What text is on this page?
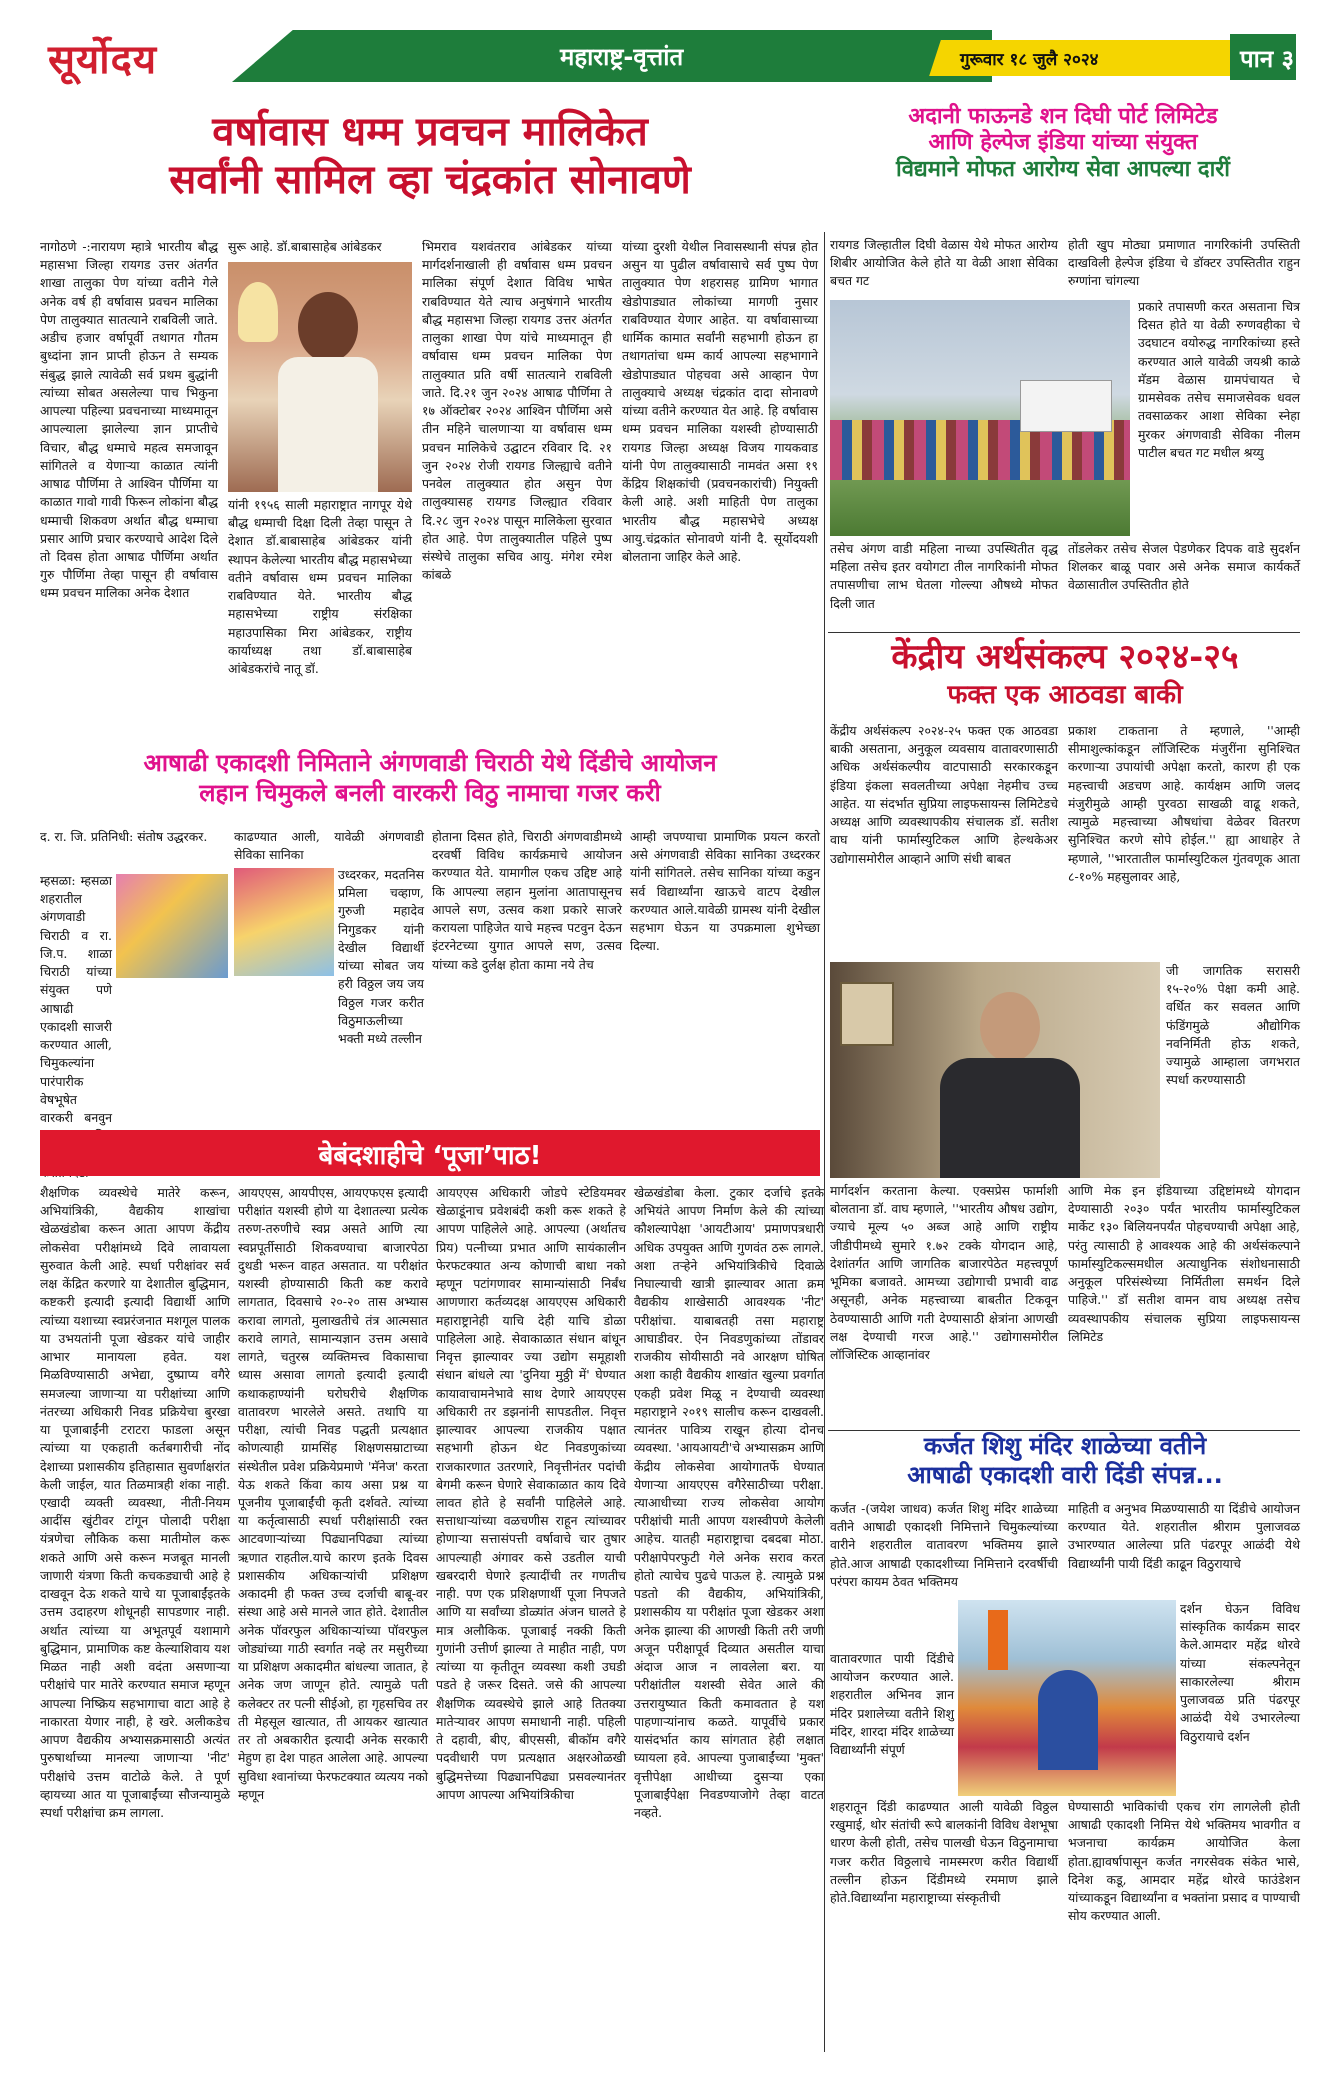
सूर्योदय	महाराष्ट्र-वृत्तांत	गुरूवार १८ जुलै २०२४	पान ३
वर्षावास धम्म प्रवचन मालिकेत
सर्वांनी सामिल व्हा चंद्रकांत सोनावणे
नागोठणे -:नारायण म्हात्रे भारतीय बौद्ध महासभा जिल्हा रायगड उत्तर अंतर्गत शाखा तालुका पेण यांच्या वतीने गेले अनेक वर्ष ही वर्षावास प्रवचन मालिका पेण तालुक्यात सातत्याने राबविली जाते. अडीच हजार वर्षापूर्वी तथागत गौतम बुध्दांना ज्ञान प्राप्ती होऊन ते सम्यक संबुद्ध झाले त्यावेळी सर्व प्रथम बुद्धांनी त्यांच्या सोबत असलेल्या पाच भिकुना आपल्या पहिल्या प्रवचनाच्या माध्यमातून आपल्याला झालेल्या ज्ञान प्राप्तीचे विचार, बौद्ध धम्माचे महत्व समजावून सांगितले व येणाऱ्या काळात त्यांनी आषाढ पौर्णिमा ते आश्विन पौर्णिमा या काळात गावो गावी फिरून लोकांना बौद्ध धम्माची शिकवण अर्थात बौद्ध धम्माचा प्रसार आणि प्रचार करण्याचे आदेश दिले तो दिवस होता आषाढ पौर्णिमा अर्थात गुरु पौर्णिमा तेव्हा पासून ही वर्षावास धम्म प्रवचन मालिका अनेक देशात
सुरू आहे. डॉ.बाबासाहेब आंबेडकर
यांनी १९५६ साली महाराष्ट्रात नागपूर येथे बौद्ध धम्माची दिक्षा दिली तेव्हा पासून ते देशात डॉ.बाबासाहेब आंबेडकर यांनी स्थापन केलेल्या भारतीय बौद्ध महासभेच्या वतीने वर्षावास धम्म प्रवचन मालिका राबविण्यात येते. भारतीय बौद्ध महासभेच्या राष्ट्रीय संरक्षिका महाउपासिका मिरा आंबेडकर, राष्ट्रीय कार्याध्यक्ष तथा डॉ.बाबासाहेब आंबेडकरांचे नातू डॉ.
भिमराव यशवंतराव आंबेडकर यांच्या मार्गदर्शनाखाली ही वर्षावास धम्म प्रवचन मालिका संपूर्ण देशात विविध भाषेत राबविण्यात येते त्याच अनुषंगाने भारतीय बौद्ध महासभा जिल्हा रायगड उत्तर अंतर्गत तालुका शाखा पेण यांचे माध्यमातून ही वर्षावास धम्म प्रवचन मालिका पेण तालुक्यात प्रति वर्षी सातत्याने राबविली जाते. दि.२१ जुन २०२४ आषाढ पौर्णिमा ते १७ ऑक्टोबर २०२४ आश्विन पौर्णिमा असे तीन महिने चालणाऱ्या या वर्षावास धम्म प्रवचन मालिकेचे उद्घाटन रविवार दि. २१ जुन २०२४ रोजी रायगड जिल्ह्याचे वतीने पनवेल तालुक्यात होत असुन पेण तालुक्यासह रायगड जिल्ह्यात रविवार दि.२८ जुन २०२४ पासून मालिकेला सुरवात होत आहे. पेण तालुक्यातील पहिले पुष्प संस्थेचे तालुका सचिव आयु. मंगेश रमेश कांबळे
यांच्या दुरशी येथील निवासस्थानी संपन्न होत असुन या पुढील वर्षावासाचे सर्व पुष्प पेण तालुक्यात पेण शहरासह ग्रामिण भागात खेडोपाड्यात लोकांच्या मागणी नुसार राबविण्यात येणार आहेत. या वर्षावासाच्या धार्मिक कामात सर्वांनी सहभागी होऊन हा तथागतांचा धम्म कार्य आपल्या सहभागाने खेडोपाड्यात पोहचवा असे आव्हान पेण तालुक्याचे अध्यक्ष चंद्रकांत दादा सोनावणे यांच्या वतीने करण्यात येत आहे. हि वर्षावास धम्म प्रवचन मालिका यशस्वी होण्यासाठी रायगड जिल्हा अध्यक्ष विजय गायकवाड यांनी पेण तालुक्यासाठी नामवंत असा १९ केंद्रिय शिक्षकांची (प्रवचनकारांची) नियुक्ती केली आहे. अशी माहिती पेण तालुका भारतीय बौद्ध महासभेचे अध्यक्ष आयु.चंद्रकांत सोनावणे यांनी दै. सूर्योदयशी बोलताना जाहिर केले आहे.
अदानी फाऊनडे शन दिघी पोर्ट लिमिटेड
आणि हेल्पेज इंडिया यांच्या संयुक्त
विद्यमाने मोफत आरोग्य सेवा आपल्या दारीं
रायगड जिल्हातील दिघी वेळास येथे मोफत आरोग्य शिबीर आयोजित केले होते या वेळी आशा सेविका बचत गट
होती खुप मोठ्या प्रमाणात नागरिकांनी उपस्तिती दाखविली हेल्पेज इंडिया चे डॉक्टर उपस्तितीत राहुन रुग्णांना चांगल्या
प्रकारे तपासणी करत असताना चित्र दिसत होते या वेळी रुग्णवहीका चे उदघाटन वयोरुद्ध नागरिकांच्या हस्ते करण्यात आले यावेळी जयश्री काळे मॅडम वेळास ग्रामपंचायत चे ग्रामसेवक तसेच समाजसेवक धवल तवसाळकर आशा सेविका स्नेहा मुरकर अंगणवाडी सेविका नीलम पाटील बचत गट मधील श्रय्यु
तसेच अंगण वाडी महिला नाच्या उपस्थितीत वृद्ध महिला तसेच इतर वयोगटा तील नागरिकांनी मोफत तपासणीचा लाभ घेतला गोल्ल्या औषध्ये मोफत दिली जात
तोंडलेकर तसेच सेजल पेडणेकर दिपक वाडे सुदर्शन शिलकर बाळू पवार असे अनेक समाज कार्यकर्ते वेळासातील उपस्तितीत होते
केंद्रीय अर्थसंकल्प २०२४-२५
फक्त एक आठवडा बाकी
केंद्रीय अर्थसंकल्प २०२४-२५ फक्त एक आठवडा बाकी असताना, अनुकूल व्यवसाय वातावरणासाठी अधिक अर्थसंकल्पीय वाटपासाठी सरकारकडून इंडिया इंकला सवलतीच्या अपेक्षा नेहमीच उच्च आहेत. या संदर्भात सुप्रिया लाइफसायन्स लिमिटेडचे अध्यक्ष आणि व्यवस्थापकीय संचालक डॉ. सतीश वाघ यांनी फार्मास्युटिकल आणि हेल्थकेअर उद्योगासमोरील आव्हाने आणि संधी बाबत
प्रकाश टाकताना ते म्हणाले, ''आम्ही सीमाशुल्कांकडून लॉजिस्टिक मंजुरींना सुनिश्चित करणाऱ्या उपायांची अपेक्षा करतो, कारण ही एक महत्त्वाची अडचण आहे. कार्यक्षम आणि जलद मंजुरीमुळे आम्ही पुरवठा साखळी वाढू शकते, त्यामुळे महत्त्वाच्या औषधांचा वेळेवर वितरण सुनिश्चित करणे सोपे होईल.'' ह्या आधाहेर ते म्हणाले, ''भारतातील फार्मास्युटिकल गुंतवणूक आता ८-१०% महसुलावर आहे,
जी जागतिक सरासरी १५-२०% पेक्षा कमी आहे. वर्धित कर सवलत आणि फंडिंगमुळे औद्योगिक नवनिर्मिती होऊ शकते, ज्यामुळे आम्हाला जगभरात स्पर्धा करण्यासाठी
मार्गदर्शन करताना केल्या. एक्सप्रेस फार्माशी बोलताना डॉ. वाघ म्हणाले, ''भारतीय औषध उद्योग, ज्याचे मूल्य ५० अब्ज आहे आणि राष्ट्रीय जीडीपीमध्ये सुमारे १.७२ टक्के योगदान आहे, देशांतर्गत आणि जागतिक बाजारपेठेत महत्त्वपूर्ण भूमिका बजावते. आमच्या उद्योगाची प्रभावी वाढ असूनही, अनेक महत्त्वाच्या बाबतीत टिकवून ठेवण्यासाठी आणि गती देण्यासाठी क्षेत्रांना आणखी लक्ष देण्याची गरज आहे.'' उद्योगासमोरील लॉजिस्टिक आव्हानांवर
आणि मेक इन इंडियाच्या उद्दिष्टांमध्ये योगदान देण्यासाठी २०३० पर्यंत भारतीय फार्मास्युटिकल मार्केट १३० बिलियनपर्यंत पोहचण्याची अपेक्षा आहे, परंतु त्यासाठी हे आवश्यक आहे की अर्थसंकल्पाने फार्मास्युटिकल्समधील अत्याधुनिक संशोधनासाठी अनुकूल परिसंस्थेच्या निर्मितीला समर्थन दिले पाहिजे.'' डॉ सतीश वामन वाघ अध्यक्ष तसेच व्यवस्थापकीय संचालक सुप्रिया लाइफसायन्स लिमिटेड
आषाढी एकादशी निमिताने अंगणवाडी चिराठी येथे दिंडीचे आयोजन
लहान चिमुकले बनली वारकरी विठु नामाचा गजर करी
द. रा. जि. प्रतिनिधी: संतोष उद्धरकर.
म्हसळा: म्हसळा शहरातील अंगणवाडी चिराठी व रा. जि.प. शाळा चिराठी यांच्या संयुक्त पणे आषाढी एकादशी साजरी करण्यात आली, चिमुकल्यांना पारंपारीक वेषभूषेत वारकरी बनवुन
काढण्यात आली, यावेळी अंगणवाडी सेविका सानिका
उध्दरकर, मदतनिस प्रमिला चव्हाण, गुरुजी महादेव निगुडकर यांनी देखील विद्यार्थी यांच्या सोबत जय हरी विठ्ठल जय जय विठ्ठल गजर करीत विठुमाऊलीच्या भक्ती मध्ये तल्लीन
होताना दिसत होते, चिराठी अंगणवाडीमध्ये दरवर्षी विविध कार्यक्रमाचे आयोजन करण्यात येते. यामागील एकच उद्दिष्ट आहे कि आपल्या लहान मुलांना आतापासूनच आपले सण, उत्सव कशा प्रकारे साजरे करायला पाहिजेत याचे महत्त्व पटवुन देऊन इंटरनेटच्या युगात आपले सण, उत्सव यांच्या कडे दुर्लक्ष होता कामा नये तेच
आम्ही जपण्याचा प्रामाणिक प्रयत्न करतो असे अंगणवाडी सेविका सानिका उध्दरकर यांनी सांगितले. तसेच सानिका यांच्या कडुन सर्व विद्यार्थ्यांना खाऊचे वाटप देखील करण्यात आले.यावेळी ग्रामस्थ यांनी देखील सहभाग घेऊन या उपक्रमाला शुभेच्छा दिल्या.
बेबंदशाहीचे ‘पूजा’पाठ!
शैक्षणिक व्यवस्थेचे मातेरे करून, अभियांत्रिकी, वैद्यकीय शाखांचा खेळखंडोबा करून आता आपण केंद्रीय लोकसेवा परीक्षांमध्ये दिवे लावायला सुरुवात केली आहे. स्पर्धा परीक्षांवर सर्व लक्ष केंद्रित करणारे या देशातील बुद्धिमान, कष्टकरी इत्यादी इत्यादी विद्यार्थी आणि त्यांच्या यशाच्या स्वप्नरंजनात मशगूल पालक या उभयतांनी पूजा खेडकर यांचे जाहीर आभार मानायला हवेत. यश मिळविण्यासाठी अभेद्या, दुष्प्राप्य वगैरे समजल्या जाणाऱ्या या परीक्षांच्या आणि नंतरच्या अधिकारी निवड प्रक्रियेचा बुरखा या पूजाबाईंनी टराटरा फाडला असून त्यांच्या या एकहाती कर्तबगारीची नोंद देशाच्या प्रशासकीय इतिहासात सुवर्णाक्षरांत केली जाईल, यात तिळमात्रही शंका नाही. एखादी व्यक्ती व्यवस्था, नीती-नियम आदींस खुंटीवर टांगून पोलादी परीक्षा यंत्रणेचा लौकिक कसा मातीमोल करू शकते आणि असे करून मजबूत मानली जाणारी यंत्रणा किती कचकड्याची आहे हे दाखवून देऊ शकते याचे या पूजाबाईंइतके उत्तम उदाहरण शोधूनही सापडणार नाही. अर्थात त्यांच्या या अभूतपूर्व यशामागे बुद्धिमान, प्रामाणिक कष्ट केल्याशिवाय यश मिळत नाही अशी वदंता असणाऱ्या परीक्षांचे पार मातेरे करण्यात समाज म्हणून आपल्या निष्क्रिय सहभागाचा वाटा आहे हे नाकारता येणार नाही, हे खरे. अलीकडेच आपण वैद्यकीय अभ्यासक्रमासाठी अत्यंत पुरुषार्थाच्या मानल्या जाणाऱ्या 'नीट' परीक्षांचे उत्तम वाटोळे केले. ते पूर्ण व्हायच्या आत या पूजाबाईंच्या सौजन्यामुळे स्पर्धा परीक्षांचा क्रम लागला.
आयएएस, आयपीएस, आयएफएस इत्यादी परीक्षांत यशस्वी होणे या देशातल्या प्रत्येक तरुण-तरुणीचे स्वप्न असते आणि त्या स्वप्नपूर्तीसाठी शिकवण्याचा बाजारपेठा दुथडी भरून वाहत असतात. या परीक्षांत यशस्वी होण्यासाठी किती कष्ट करावे लागतात, दिवसाचे २०-२० तास अभ्यास करावा लागतो, मुलाखतीचे तंत्र आत्मसात करावे लागते, सामान्यज्ञान उत्तम असावे लागते, चतुरस्र व्यक्तिमत्त्व विकासाचा ध्यास असावा लागतो इत्यादी इत्यादी कथाकहाण्यांनी घरोघरीचे शैक्षणिक वातावरण भारलेले असते. तथापि या परीक्षा, त्यांची निवड पद्धती प्रत्यक्षात कोणत्याही ग्रामसिंह शिक्षणसम्राटाच्या संस्थेतील प्रवेश प्रक्रियेप्रमाणे 'मॅनेज' करता येऊ शकते किंवा काय असा प्रश्न या पूजनीय पूजाबाईंची कृती दर्शवते. त्यांच्या या कर्तृत्वासाठी स्पर्धा परीक्षांसाठी रक्त आटवणाऱ्यांच्या पिढ्यानपिढ्या त्यांच्या ऋणात राहतील.याचे कारण इतके दिवस प्रशासकीय अधिकाऱ्यांची प्रशिक्षण अकादमी ही फक्त उच्च दर्जाची बाबू-वर संस्था आहे असे मानले जात होते. देशातील अनेक पॉवरफुल अधिकाऱ्यांच्या पॉवरफुल जोड्यांच्या गाठी स्वर्गात नव्हे तर मसुरीच्या या प्रशिक्षण अकादमीत बांधल्या जातात, हे अनेक जण जाणून होते. त्यामुळे पती कलेक्टर तर पत्नी सीईओ, हा गृहसचिव तर ती मेहसूल खात्यात, ती आयकर खात्यात तर तो अबकारीत इत्यादी अनेक सरकारी मेहुण हा देश पाहत आलेला आहे. आपल्या सुविधा श्वानांच्या फेरफटक्यात व्यत्यय नको म्हणून
आयएएस अधिकारी जोडपे स्टेडियमवर खेळाडूंनाच प्रवेशबंदी कशी करू शकते हे आपण पाहिलेले आहे. आपल्या (अर्थातच प्रिय) पत्नीच्या प्रभात आणि सायंकालीन फेरफटक्यात अन्य कोणाची बाधा नको म्हणून पटांगणावर सामान्यांसाठी निर्बंध आणणारा कर्तव्यदक्ष आयएएस अधिकारी महाराष्ट्रानेही याचि देही याचि डोळा पाहिलेला आहे. सेवाकाळात संधान बांधून निवृत्त झाल्यावर ज्या उद्योग समूहाशी संधान बांधले त्या 'दुनिया मुठ्ठी में' घेण्यात कायावाचामनेभावे साथ देणारे आयएएस अधिकारी तर डझनांनी सापडतील. निवृत्त झाल्यावर आपल्या राजकीय पक्षात सहभागी होऊन थेट निवडणुकांच्या राजकारणात उतरणारे, निवृत्तीनंतर पदांची बेगमी करून घेणारे सेवाकाळात काय दिवे लावत होते हे सर्वांनी पाहिलेले आहे. सत्ताधाऱ्यांच्या वळचणीस राहून त्यांच्यावर होणाऱ्या सत्तासंपत्ती वर्षावाचे चार तुषार आपल्याही अंगावर कसे उडतील याची खबरदारी घेणारे इत्यादींची तर गणतीच नाही. पण एक प्रशिक्षणार्थी पूजा निपजते आणि या सर्वांच्या डोळ्यांत अंजन घालते हे मात्र अलौकिक. पूजाबाई नक्की किती गुणांनी उत्तीर्ण झाल्या ते माहीत नाही, पण त्यांच्या या कृतीतून व्यवस्था कशी उघडी पडते हे जरूर दिसते. जसे की आपल्या शैक्षणिक व्यवस्थेचे झाले आहे तितक्या मातेऱ्यावर आपण समाधानी नाही. पहिली ते दहावी, बीए, बीएससी, बीकॉम वगैरे पदवीधारी पण प्रत्यक्षात अक्षरओळखी बुद्धिमत्तेच्या पिढ्यानपिढ्या प्रसवल्यानंतर आपण आपल्या अभियांत्रिकीचा
खेळखंडोबा केला. टुकार दर्जाचे इतके अभियंते आपण निर्माण केले की त्यांच्या कौशल्यापेक्षा 'आयटीआय' प्रमाणपत्रधारी अधिक उपयुक्त आणि गुणवंत ठरू लागले. अशा तऱ्हेने अभियांत्रिकीचे दिवाळे निघाल्याची खात्री झाल्यावर आता क्रम वैद्यकीय शाखेसाठी आवश्यक 'नीट' परीक्षांचा. याबाबतही तसा महाराष्ट्र आघाडीवर. ऐन निवडणुकांच्या तोंडावर राजकीय सोयीसाठी नवे आरक्षण घोषित अशा काही वैद्यकीय शाखांत खुल्या प्रवर्गात एकही प्रवेश मिळू न देण्याची व्यवस्था महाराष्ट्राने २०१९ सालीच करून दाखवली. त्यानंतर पावित्र्य राखून होत्या दोनच व्यवस्था. 'आयआयटी'चे अभ्यासक्रम आणि केंद्रीय लोकसेवा आयोगातर्फे घेण्यात येणाऱ्या आयएएस वगैरेसाठीच्या परीक्षा. त्याआधीच्या राज्य लोकसेवा आयोग परीक्षांची माती आपण यशस्वीपणे केलेली आहेच. यातही महाराष्ट्राचा दबदबा मोठा. परीक्षापेपरफुटी गेले अनेक सराव करत होतो त्याचेच पुढचे पाऊल हे. त्यामुळे प्रश्न पडतो की वैद्यकीय, अभियांत्रिकी, प्रशासकीय या परीक्षांत पूजा खेडकर अशा अनेक झाल्या की आणखी किती तरी जणी अजून परीक्षापूर्व दिव्यात असतील याचा अंदाज आज न लावलेला बरा. या परीक्षांतील यशस्वी सेवेत आले की उत्तरायुष्यात किती कमावतात हे यश पाहणाऱ्यांनाच कळते. यापूर्वीचे प्रकार यासंदर्भात काय सांगतात हेही लक्षात घ्यायला हवे. आपल्या पुजाबाईंच्या 'मुक्त' वृत्तीपेक्षा आधीच्या दुसऱ्या एका पूजाबाईंपेक्षा निवडण्याजोगे तेव्हा वाटत नव्हते.
कर्जत शिशु मंदिर शाळेच्या वतीने
आषाढी एकादशी वारी दिंडी संपन्न...
कर्जत -(जयेश जाधव) कर्जत शिशु मंदिर शाळेच्या वतीने आषाढी एकादशी निमित्ताने चिमुकल्यांच्या वारीने शहरातील वातावरण भक्तिमय झाले होते.आज आषाढी एकादशीच्या निमित्ताने दरवर्षीची परंपरा कायम ठेवत भक्तिमय
वातावरणात पायी दिंडीचे आयोजन करण्यात आले. शहरातील अभिनव ज्ञान मंदिर प्रशालेच्या वतीने शिशु मंदिर, शारदा मंदिर शाळेच्या विद्यार्थ्यांनी संपूर्ण
शहरातून दिंडी काढण्यात आली यावेळी विठ्ठल रखुमाई, थोर संतांची रूपे बालकांनी विविध वेशभूषा धारण केली होती, तसेच पालखी घेऊन विठुनामाचा गजर करीत विठ्ठलाचे नामस्मरण करीत विद्यार्थी तल्लीन होऊन दिंडीमध्ये रममाण झाले होते.विद्यार्थ्यांना महाराष्ट्राच्या संस्कृतीची
माहिती व अनुभव मिळण्यासाठी या दिंडीचे आयोजन करण्यात येते. शहरातील श्रीराम पुलाजवळ उभारण्यात आलेल्या प्रति पंढरपूर आळंदी येथे विद्यार्थ्यांनी पायी दिंडी काढून विठुरायाचे
दर्शन घेऊन विविध सांस्कृतिक कार्यक्रम सादर केले.आमदार महेंद्र थोरवे यांच्या संकल्पनेतून साकारलेल्या श्रीराम पुलाजवळ प्रति पंढरपूर आळंदी येथे उभारलेल्या विठुरायाचे दर्शन
घेण्यासाठी भाविकांची एकच रांग लागलेली होती आषाढी एकादशी निमित्त येथे भक्तिमय भावगीत व भजनाचा कार्यक्रम आयोजित केला होता.ह्यावर्षापासून कर्जत नगरसेवक संकेत भासे, दिनेश कडू, आमदार महेंद्र थोरवे फाउंडेशन यांच्याकडून विद्यार्थ्यांना व भक्तांना प्रसाद व पाण्याची सोय करण्यात आली.
